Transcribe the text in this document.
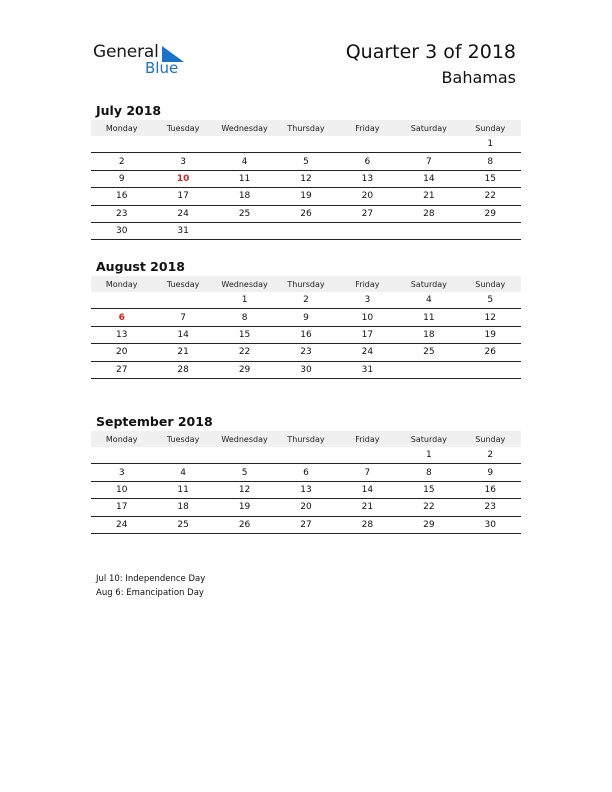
General
Blue
Quarter 3 of 2018
Bahamas
July 2018
Monday	Tuesday	Wednesday	Thursday	Friday	Saturday	Sunday
						1
2	3	4	5	6	7	8
9	10	11	12	13	14	15
16	17	18	19	20	21	22
23	24	25	26	27	28	29
30	31					
August 2018
Monday	Tuesday	Wednesday	Thursday	Friday	Saturday	Sunday
		1	2	3	4	5
6	7	8	9	10	11	12
13	14	15	16	17	18	19
20	21	22	23	24	25	26
27	28	29	30	31		
September 2018
Monday	Tuesday	Wednesday	Thursday	Friday	Saturday	Sunday
					1	2
3	4	5	6	7	8	9
10	11	12	13	14	15	16
17	18	19	20	21	22	23
24	25	26	27	28	29	30
Jul 10: Independence Day
Aug 6: Emancipation Day
